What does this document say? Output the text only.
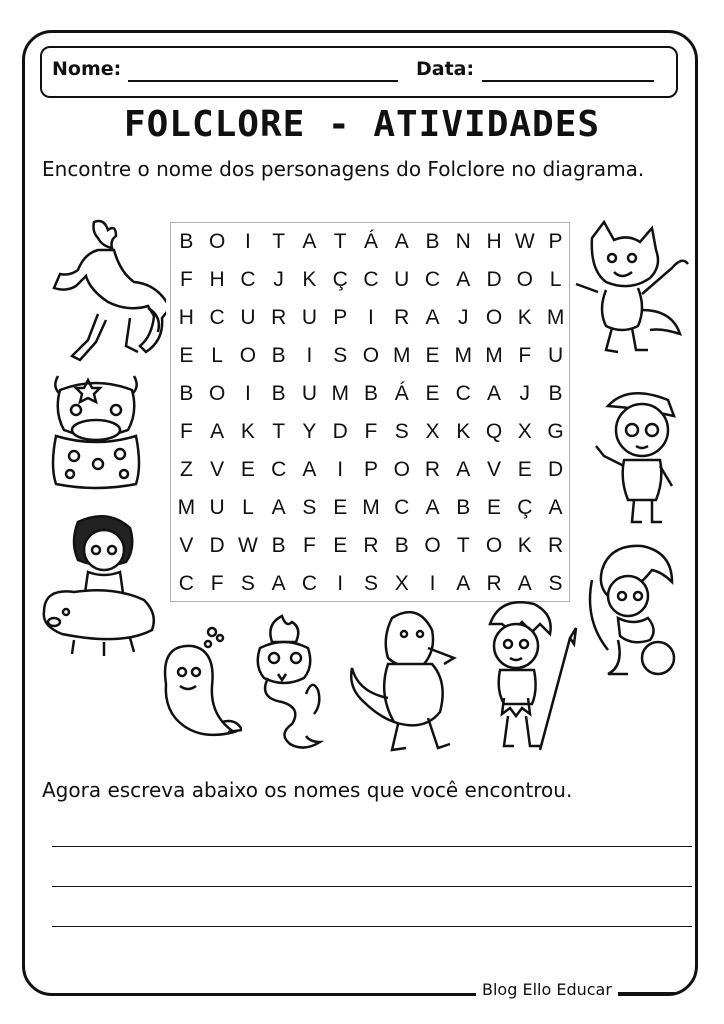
Nome:	Data:
FOLCLORE - ATIVIDADES
Encontre o nome dos personagens do Folclore no diagrama.
B O I	T A T Á A B N H W P
F H C J K Ç C U C A D O L
H C U R U P I R A J O K M
E L O B I S O M E M M F U
B O I B U M B Á E C A J B
F A K T Y D F S X K Q X G
Z V E C A I P O R A V E D
M U L A S E M C A B E Ç A
V D W B F E R B O T O K R
C F S A C I S X I A R A S
Agora escreva abaixo os nomes que você encontrou.
Blog Ello Educar
